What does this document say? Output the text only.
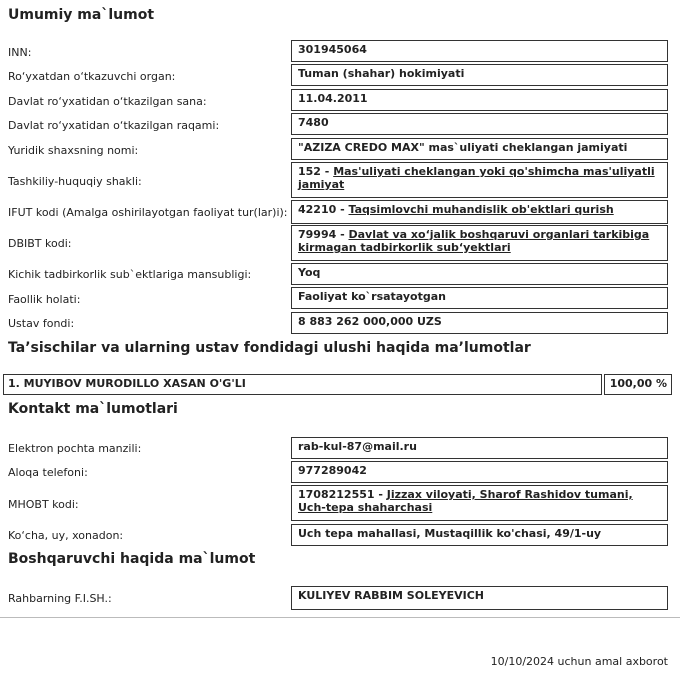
Umumiy ma`lumot
INN:	301945064
Ro‘yxatdan o‘tkazuvchi organ:	Tuman (shahar) hokimiyati
Davlat ro‘yxatidan o‘tkazilgan sana:	11.04.2011
Davlat ro‘yxatidan o‘tkazilgan raqami:	7480
Yuridik shaxsning nomi:	"AZIZA CREDO MAX" mas`uliyati cheklangan jamiyati
Tashkiliy-huquqiy shakli:
152 - Mas'uliyati cheklangan yoki qo'shimcha mas'uliyatli jamiyat
IFUT kodi (Amalga oshirilayotgan faoliyat tur(lar)i): 42210 - Taqsimlovchi muhandislik ob'ektlari qurish
DBIBT kodi:
79994 - Davlat va xo‘jalik boshqaruvi organlari tarkibiga kirmagan tadbirkorlik sub‘yektlari
Kichik tadbirkorlik sub`ektlariga mansubligi:	Yoq
Faollik holati:	Faoliyat ko`rsatayotgan
Ustav fondi:	8 883 262 000,000 UZS
Ta’sischilar va ularning ustav fondidagi ulushi haqida ma’lumotlar
1. MUYIBOV MURODILLO XASAN O'G'LI	100,00 %
Kontakt ma`lumotlari
Elektron pochta manzili:	rab-kul-87@mail.ru
Aloqa telefoni:	977289042
MHOBT kodi:
1708212551 - Jizzax viloyati, Sharof Rashidov tumani, Uch-tepa shaharchasi
Ko‘cha, uy, xonadon:	Uch tepa mahallasi, Mustaqillik ko'chasi, 49/1-uy
Boshqaruvchi haqida ma`lumot
Rahbarning F.I.SH.:	KULIYEV RABBIM SOLEYEVICH
10/10/2024 uchun amal axborot
